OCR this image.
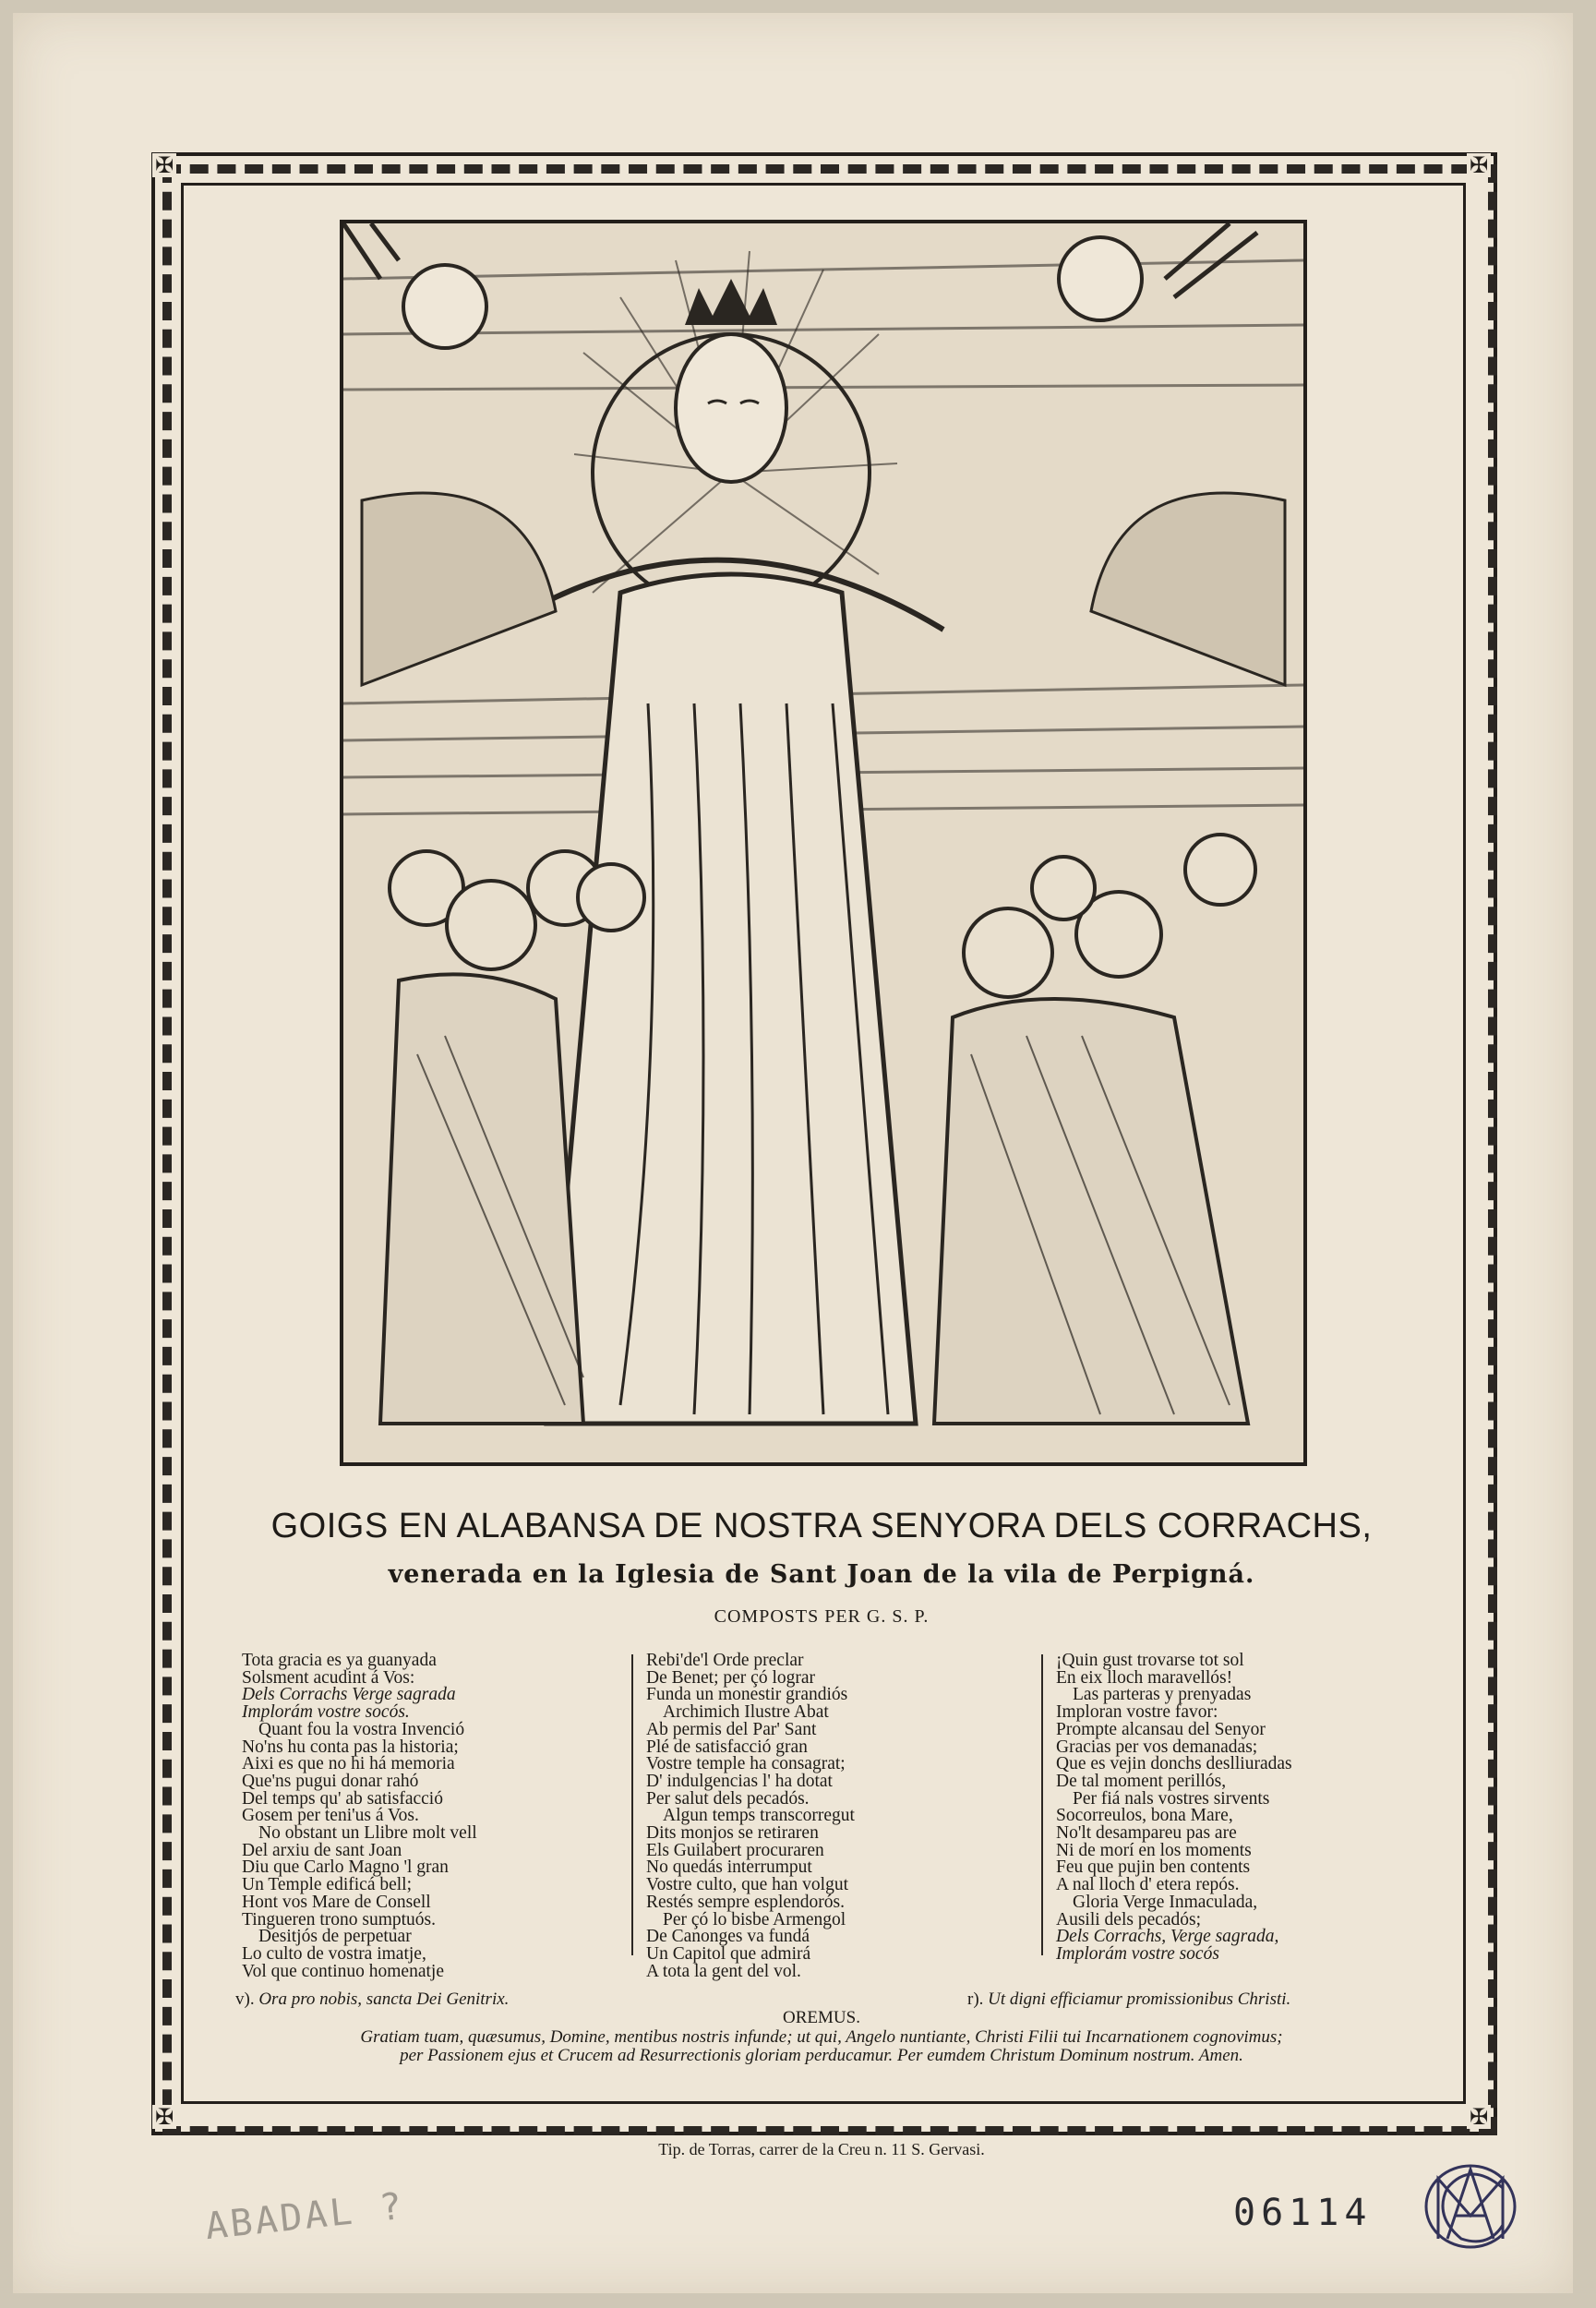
✠	✠
✠	✠
GOIGS EN ALABANSA DE NOSTRA SENYORA DELS CORRACHS,
venerada en la Iglesia de Sant Joan de la vila de Perpigná.
COMPOSTS PER G. S. P.
Tota gracia es ya guanyada
Solsment acudint á Vos:
Dels Corrachs Verge sagrada
Implorám vostre socós.
Quant fou la vostra Invenció
No'ns hu conta pas la historia;
Aixi es que no hi há memoria
Que'ns pugui donar rahó
Del temps qu' ab satisfacció
Gosem per teni'us á Vos.
No obstant un Llibre molt vell
Del arxiu de sant Joan
Diu que Carlo Magno 'l gran
Un Temple edificá bell;
Hont vos Mare de Consell
Tingueren trono sumptuós.
Desitjós de perpetuar
Lo culto de vostra imatje,
Vol que continuo homenatje
Rebi'de'l Orde preclar
De Benet; per çó lograr
Funda un monestir grandiós
Archimich Ilustre Abat
Ab permis del Par' Sant
Plé de satisfacció gran
Vostre temple ha consagrat;
D' indulgencias l' ha dotat
Per salut dels pecadós.
Algun temps transcorregut
Dits monjos se retiraren
Els Guilabert procuraren
No quedás interrumput
Vostre culto, que han volgut
Restés sempre esplendorós.
Per çó lo bisbe Armengol
De Canonges va fundá
Un Capitol que admirá
A tota la gent del vol.
¡Quin gust trovarse tot sol
En eix lloch maravellós!
Las parteras y prenyadas
Imploran vostre favor:
Prompte alcansau del Senyor
Gracias per vos demanadas;
Que es vejin donchs deslliuradas
De tal moment perillós,
Per fiá nals vostres sirvents
Socorreulos, bona Mare,
No'lt desampareu pas are
Ni de morí en los moments
Feu que pujin ben contents
A nal lloch d' etera repós.
Gloria Verge Inmaculada,
Ausili dels pecadós;
Dels Corrachs, Verge sagrada,
Implorám vostre socós
v). Ora pro nobis, sancta Dei Genitrix.	r). Ut digni efficiamur promissionibus Christi.
OREMUS.
Gratiam tuam, quæsumus, Domine, mentibus nostris infunde; ut qui, Angelo nuntiante, Christi Filii tui Incarnationem cognovimus;
per Passionem ejus et Crucem ad Resurrectionis gloriam perducamur. Per eumdem Christum Dominum nostrum. Amen.
Tip. de Torras, carrer de la Creu n. 11 S. Gervasi.
ABADAL ?	06114
